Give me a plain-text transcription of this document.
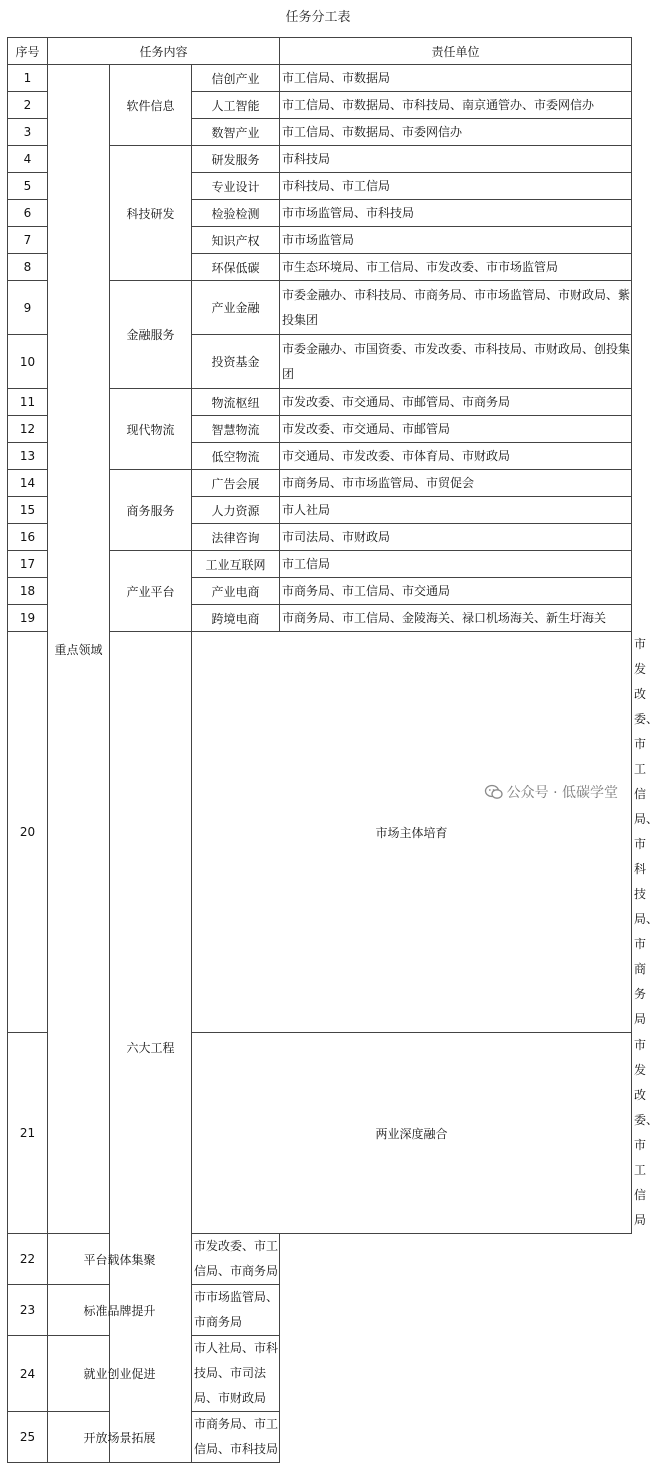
任务分工表
序号	任务内容			责任单位	
1	重点领域	软件信息	信创产业	市工信局、市数据局	
2			人工智能	市工信局、市数据局、市科技局、南京通管办、市委网信办	
3			数智产业	市工信局、市数据局、市委网信办	
4		科技研发	研发服务	市科技局	
5			专业设计	市科技局、市工信局	
6			检验检测	市市场监管局、市科技局	
7			知识产权	市市场监管局	
8			环保低碳	市生态环境局、市工信局、市发改委、市市场监管局	
9		金融服务	产业金融	市委金融办、市科技局、市商务局、市市场监管局、市财政局、紫投集团	
10			投资基金	市委金融办、市国资委、市发改委、市科技局、市财政局、创投集团	
11		现代物流	物流枢纽	市发改委、市交通局、市邮管局、市商务局	
12			智慧物流	市发改委、市交通局、市邮管局	
13			低空物流	市交通局、市发改委、市体育局、市财政局	
14		商务服务	广告会展	市商务局、市市场监管局、市贸促会	
15			人力资源	市人社局	
16			法律咨询	市司法局、市财政局	
17		产业平台	工业互联网	市工信局	
18			产业电商	市商务局、市工信局、市交通局	
19			跨境电商	市商务局、市工信局、金陵海关、禄口机场海关、新生圩海关	
20		六大工程	市场主体培育		市发改委、市工信局、市科技局、市商务局
21			两业深度融合		市发改委、市工信局
22	平台载体集聚		市发改委、市工信局、市商务局		
23	标准品牌提升		市市场监管局、市商务局		
24	就业创业促进		市人社局、市科技局、市司法局、市财政局		
25	开放场景拓展		市商务局、市工信局、市科技局		
公众号 · 低碳学堂
